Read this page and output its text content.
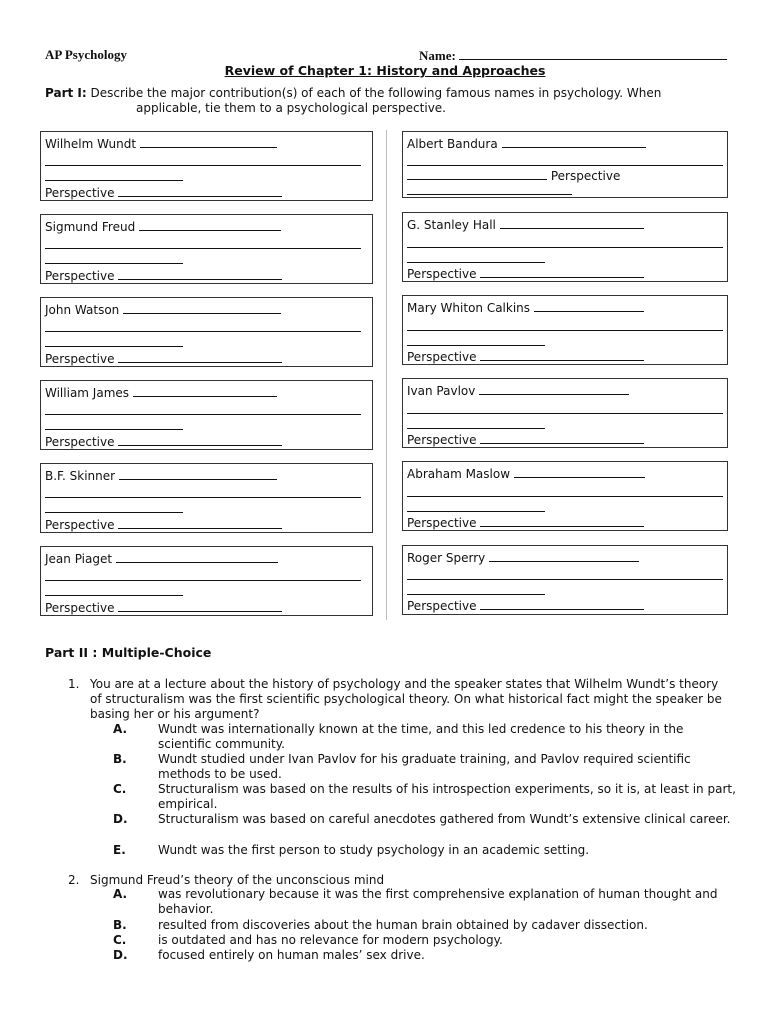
AP Psychology	Name:
Review of Chapter 1: History and Approaches
Part I: Describe the major contribution(s) of each of the following famous names in psychology. When
applicable, tie them to a psychological perspective.
Wilhelm Wundt
Perspective
Sigmund Freud
Perspective
John Watson
Perspective
William James
Perspective
B.F. Skinner
Perspective
Jean Piaget
Perspective
Albert Bandura
Perspective
G. Stanley Hall
Perspective
Mary Whiton Calkins
Perspective
Ivan Pavlov
Perspective
Abraham Maslow
Perspective
Roger Sperry
Perspective
Part II : Multiple-Choice
1. You are at a lecture about the history of psychology and the speaker states that Wilhelm Wundt’s theory of structuralism was the first scientific psychological theory. On what historical fact might the speaker be basing her or his argument?
A.	Wundt was internationally known at the time, and this led credence to his theory in the scientific community.
B.	Wundt studied under Ivan Pavlov for his graduate training, and Pavlov required scientific methods to be used.
C.	Structuralism was based on the results of his introspection experiments, so it is, at least in part, empirical.
D.	Structuralism was based on careful anecdotes gathered from Wundt’s extensive clinical career.
E.	Wundt was the first person to study psychology in an academic setting.
2. Sigmund Freud’s theory of the unconscious mind
A.	was revolutionary because it was the first comprehensive explanation of human thought and behavior.
B.	resulted from discoveries about the human brain obtained by cadaver dissection.
C.	is outdated and has no relevance for modern psychology.
D.	focused entirely on human males’ sex drive.
